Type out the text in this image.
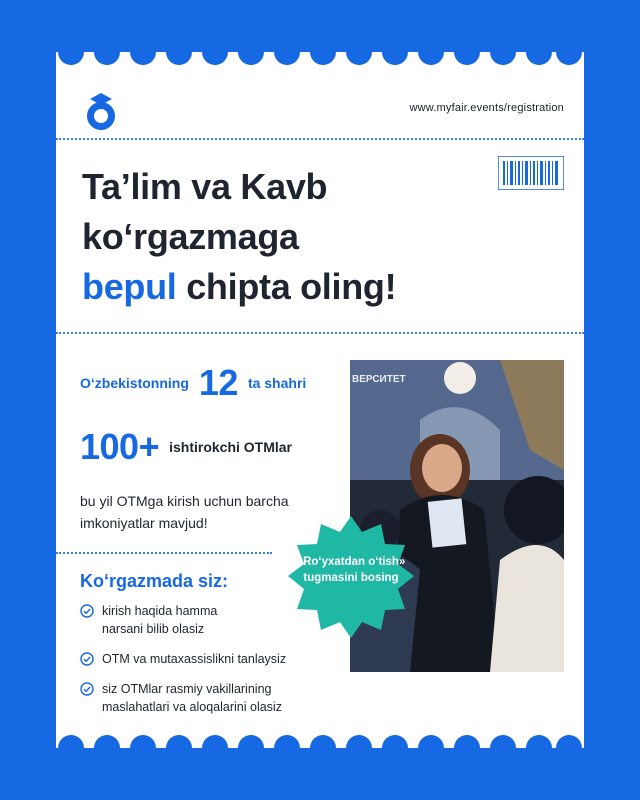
www.myfair.events/registration
Ta’lim va Kavb
ko‘rgazmaga
bepul chipta oling!
O‘zbekistonning 12 ta shahri
100+ ishtirokchi OTMlar
bu yil OTMga kirish uchun barcha imkoniyatlar mavjud!
Ko‘rgazmada siz:
kirish haqida hamma narsani bilib olasiz
OTM va mutaxassislikni tanlaysiz
siz OTMlar rasmiy vakillarining maslahatlari va aloqalarini olasiz
ВЕРСИТЕТ
«Ro‘yxatdan o‘tish» tugmasini bosing
